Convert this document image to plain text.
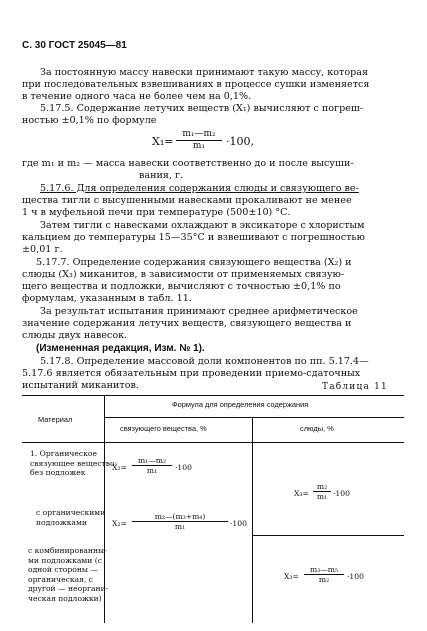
С. 30 ГОСТ 25045—81
За постоянную массу навески принимают такую массу, которая
при последовательных взвешиваниях в процессе сушки изменяется
в течение одного часа не более чем на 0,1%.
5.17.5. Содержание летучих веществ (X₁) вычисляют с погреш-
ностью ±0,1% по формуле
$X_1= \frac{\text{m₁—m₂}}{\text{m₁}} \cdot 100$,
где m₁ и m₂ — масса навески соответственно до и после высуши-
вания, г.
5.17.6. Для определения содержания слюды и связующего ве-
щества тигли с высушенными навесками прокаливают не менее
1 ч в муфельной печи при температуре (500±10) °С.
Затем тигли с навесками охлаждают в эксикаторе с хлористым
кальцием до температуры 15—35°С и взвешивают с погрешностью
±0,01 г.
5.17.7. Определение содержания связующего вещества (X₂) и
слюды (X₃) миканитов, в зависимости от применяемых связую-
щего вещества и подложки, вычисляют с точностью ±0,1% по
формулам, указанным в табл. 11.
За результат испытания принимают среднее арифметическое
значение содержания летучих веществ, связующего вещества и
слюды двух навесок.
(Измененная редакция, Изм. № 1).
5.17.8. Определение массовой доли компонентов по пп. 5.17.4—
5.17.6 является обязательным при проведении приемо-сдаточных
испытаний миканитов.	Таблица 11
Материал
Формула для определения содержания
связующего вещества, %	слюды, %
1. Органическое
связующее вещество:
без подложек
с органическими
подложками
с комбинированны-
ми подложками (с
одной стороны —
органическая, с
другой — неоргани-
ческая подложки)
$X_2= \frac{\text{m₁—m₂}}{\text{m₁}} \cdot 100$
$X_2= \frac{\text{m₂—(m₃+m₄)}}{\text{m₁}} \cdot 100$
$X_3= \frac{\text{m₂}}{\text{m₁}} \cdot 100$
$X_3= \frac{\text{m₃—m₅}}{\text{m₂}} \cdot 100$
